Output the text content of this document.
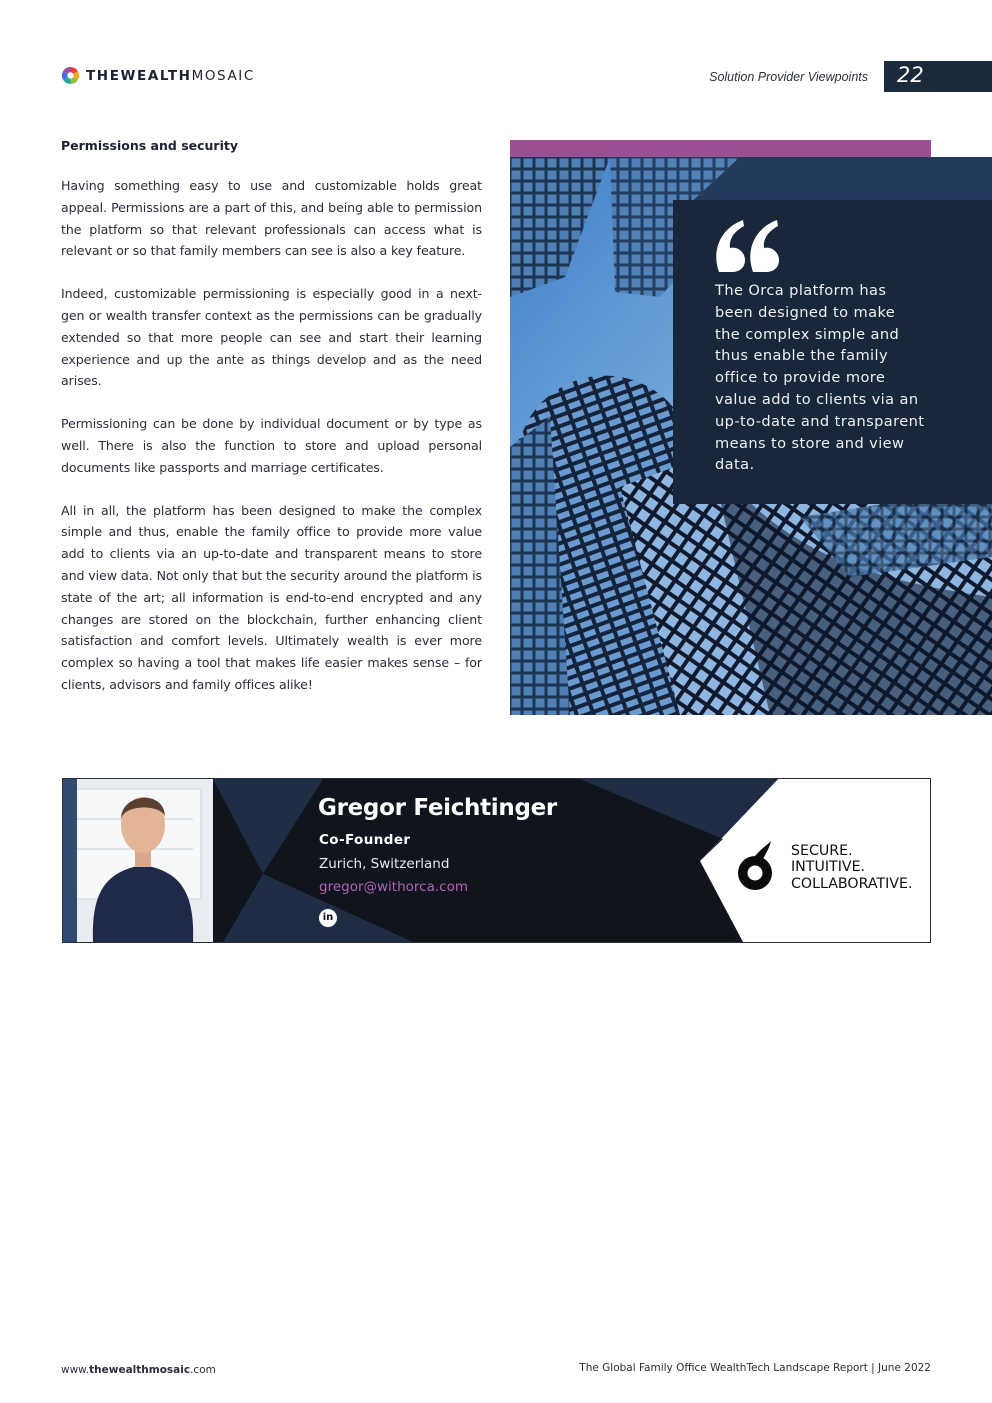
THEWEALTHMOSAIC	Solution Provider Viewpoints 22
Permissions and security

Having something easy to use and customizable holds great appeal. Permissions are a part of this, and being able to permission the platform so that relevant professionals can access what is relevant or so that family members can see is also a key feature.

Indeed, customizable permissioning is especially good in a next-gen or wealth transfer context as the permissions can be gradually extended so that more people can see and start their learning experience and up the ante as things develop and as the need arises.

Permissioning can be done by individual document or by type as well. There is also the function to store and upload personal documents like passports and marriage certificates.

All in all, the platform has been designed to make the complex simple and thus, enable the family office to provide more value add to clients via an up-to-date and transparent means to store and view data. Not only that but the security around the platform is state of the art; all information is end-to-end encrypted and any changes are stored on the blockchain, further enhancing client satisfaction and comfort levels. Ultimately wealth is ever more complex so having a tool that makes life easier makes sense – for clients, advisors and family offices alike!

The Orca platform has been designed to make the complex simple and thus enable the family office to provide more value add to clients via an up-to-date and transparent means to store and view data.
Gregor Feichtinger
Co-Founder
Zurich, Switzerland
gregor@withorca.com
in
SECURE.
INTUITIVE.
COLLABORATIVE.
www.thewealthmosaic.com	The Global Family Office WealthTech Landscape Report | June 2022
